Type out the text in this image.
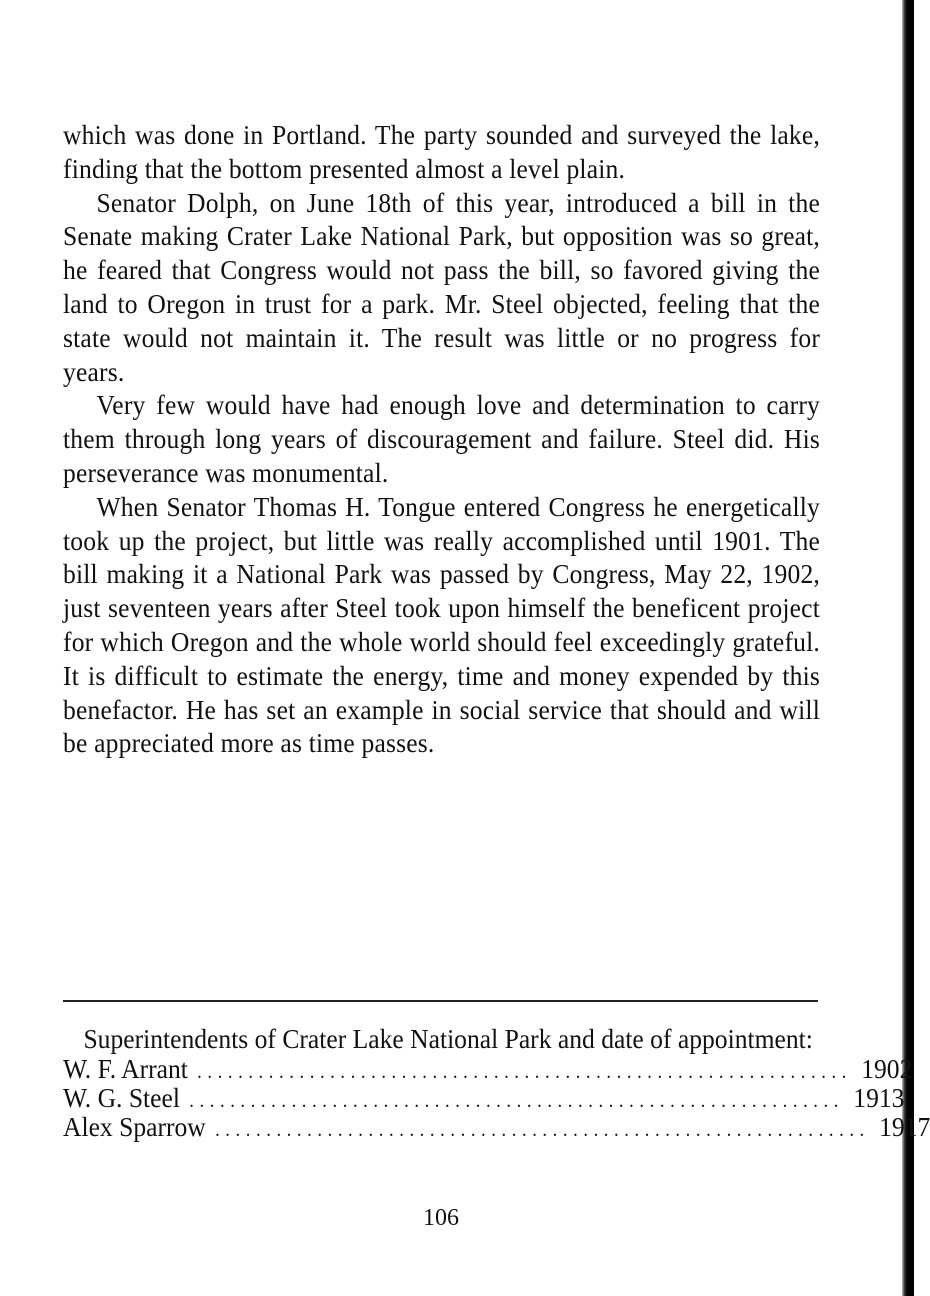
which was done in Portland. The party sounded and surveyed the lake, finding that the bottom presented almost a level plain.

Senator Dolph, on June 18th of this year, introduced a bill in the Senate making Crater Lake National Park, but opposition was so great, he feared that Congress would not pass the bill, so favored giving the land to Oregon in trust for a park. Mr. Steel objected, feeling that the state would not maintain it. The result was little or no progress for years.

Very few would have had enough love and determination to carry them through long years of discouragement and failure. Steel did. His perseverance was monumental.

When Senator Thomas H. Tongue entered Congress he energetically took up the project, but little was really accomplished until 1901. The bill making it a National Park was passed by Congress, May 22, 1902, just seventeen years after Steel took upon himself the beneficent project for which Oregon and the whole world should feel exceedingly grateful. It is difficult to estimate the energy, time and money expended by this benefactor. He has set an example in social service that should and will be appreciated more as time passes.

Superintendents of Crater Lake National Park and date of appointment:

W. F. Arrant ................................................................ 1902
W. G. Steel ................................................................ 1913
Alex Sparrow ................................................................ 1917
106
